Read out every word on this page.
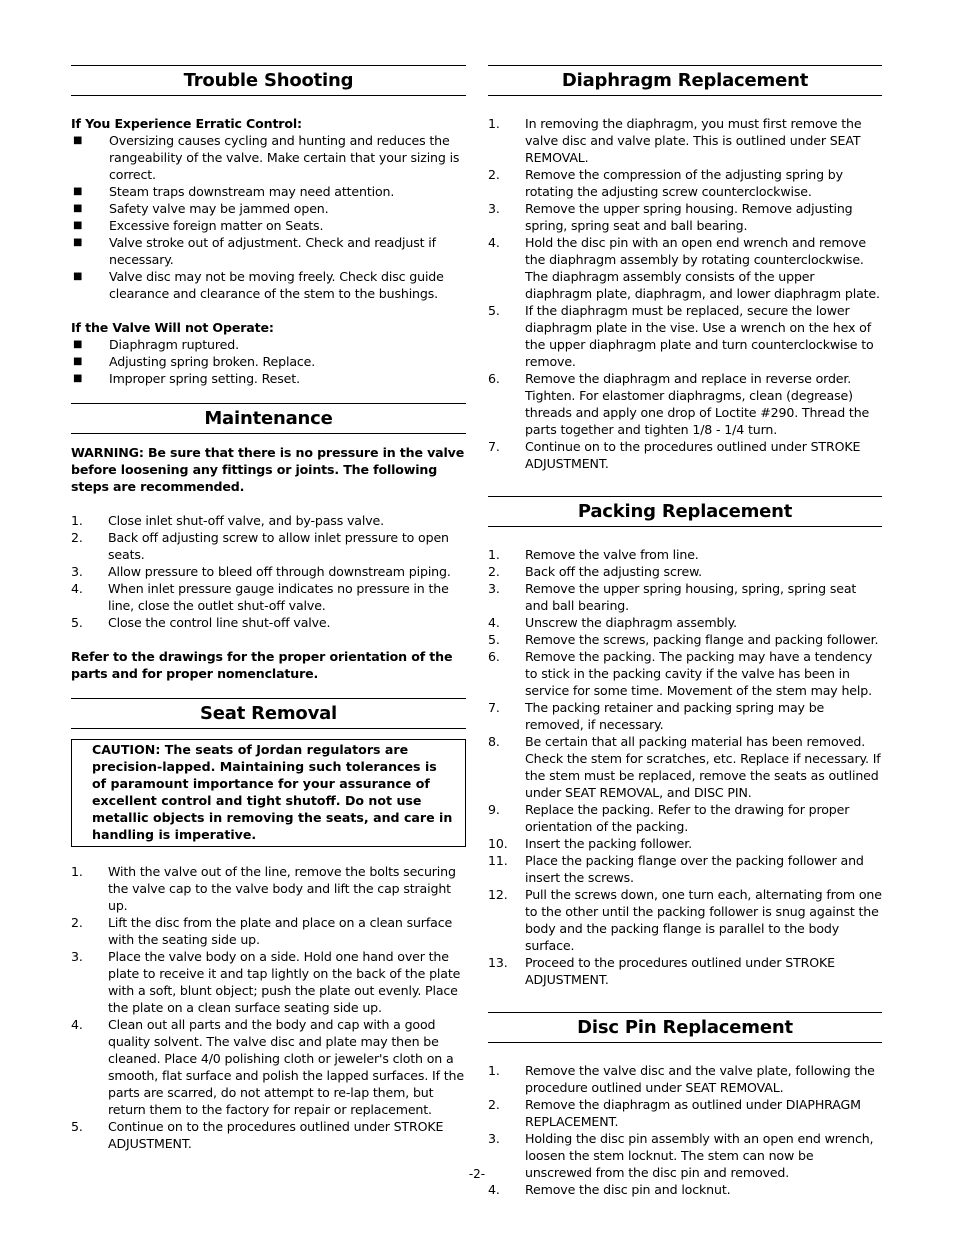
Trouble Shooting
If You Experience Erratic Control:
■ Oversizing causes cycling and hunting and reduces the rangeability of the valve. Make certain that your sizing is correct.
■ Steam traps downstream may need attention.
■ Safety valve may be jammed open.
■ Excessive foreign matter on Seats.
■ Valve stroke out of adjustment. Check and readjust if necessary.
■ Valve disc may not be moving freely. Check disc guide clearance and clearance of the stem to the bushings.
If the Valve Will not Operate:
■ Diaphragm ruptured.
■ Adjusting spring broken. Replace.
■ Improper spring setting. Reset.
Maintenance
WARNING: Be sure that there is no pressure in the valve before loosening any fittings or joints. The following steps are recommended.
1. Close inlet shut-off valve, and by-pass valve.
2. Back off adjusting screw to allow inlet pressure to open seats.
3. Allow pressure to bleed off through downstream piping.
4. When inlet pressure gauge indicates no pressure in the line, close the outlet shut-off valve.
5. Close the control line shut-off valve.
Refer to the drawings for the proper orientation of the parts and for proper nomenclature.
Seat Removal
CAUTION: The seats of Jordan regulators are precision-lapped. Maintaining such tolerances is of paramount importance for your assurance of excellent control and tight shutoff. Do not use metallic objects in removing the seats, and care in handling is imperative.
1. With the valve out of the line, remove the bolts securing the valve cap to the valve body and lift the cap straight up.
2. Lift the disc from the plate and place on a clean surface with the seating side up.
3. Place the valve body on a side. Hold one hand over the plate to receive it and tap lightly on the back of the plate with a soft, blunt object; push the plate out evenly. Place the plate on a clean surface seating side up.
4. Clean out all parts and the body and cap with a good quality solvent. The valve disc and plate may then be cleaned. Place 4/0 polishing cloth or jeweler's cloth on a smooth, flat surface and polish the lapped surfaces. If the parts are scarred, do not attempt to re-lap them, but return them to the factory for repair or replacement.
5. Continue on to the procedures outlined under STROKE ADJUSTMENT.
Diaphragm Replacement
1. In removing the diaphragm, you must first remove the valve disc and valve plate. This is outlined under SEAT REMOVAL.
2. Remove the compression of the adjusting spring by rotating the adjusting screw counterclockwise.
3. Remove the upper spring housing. Remove adjusting spring, spring seat and ball bearing.
4. Hold the disc pin with an open end wrench and remove the diaphragm assembly by rotating counterclockwise. The diaphragm assembly consists of the upper diaphragm plate, diaphragm, and lower diaphragm plate.
5. If the diaphragm must be replaced, secure the lower diaphragm plate in the vise. Use a wrench on the hex of the upper diaphragm plate and turn counterclockwise to remove.
6. Remove the diaphragm and replace in reverse order. Tighten. For elastomer diaphragms, clean (degrease) threads and apply one drop of Loctite #290. Thread the parts together and tighten 1/8 - 1/4 turn.
7. Continue on to the procedures outlined under STROKE ADJUSTMENT.
Packing Replacement
1. Remove the valve from line.
2. Back off the adjusting screw.
3. Remove the upper spring housing, spring, spring seat and ball bearing.
4. Unscrew the diaphragm assembly.
5. Remove the screws, packing flange and packing follower.
6. Remove the packing. The packing may have a tendency to stick in the packing cavity if the valve has been in service for some time. Movement of the stem may help.
7. The packing retainer and packing spring may be removed, if necessary.
8. Be certain that all packing material has been removed. Check the stem for scratches, etc. Replace if necessary. If the stem must be replaced, remove the seats as outlined under SEAT REMOVAL, and DISC PIN.
9. Replace the packing. Refer to the drawing for proper orientation of the packing.
10. Insert the packing follower.
11. Place the packing flange over the packing follower and insert the screws.
12. Pull the screws down, one turn each, alternating from one to the other until the packing follower is snug against the body and the packing flange is parallel to the body surface.
13. Proceed to the procedures outlined under STROKE ADJUSTMENT.
Disc Pin Replacement
1. Remove the valve disc and the valve plate, following the procedure outlined under SEAT REMOVAL.
2. Remove the diaphragm as outlined under DIAPHRAGM REPLACEMENT.
3. Holding the disc pin assembly with an open end wrench, loosen the stem locknut. The stem can now be unscrewed from the disc pin and removed.
4. Remove the disc pin and locknut.
-2-
